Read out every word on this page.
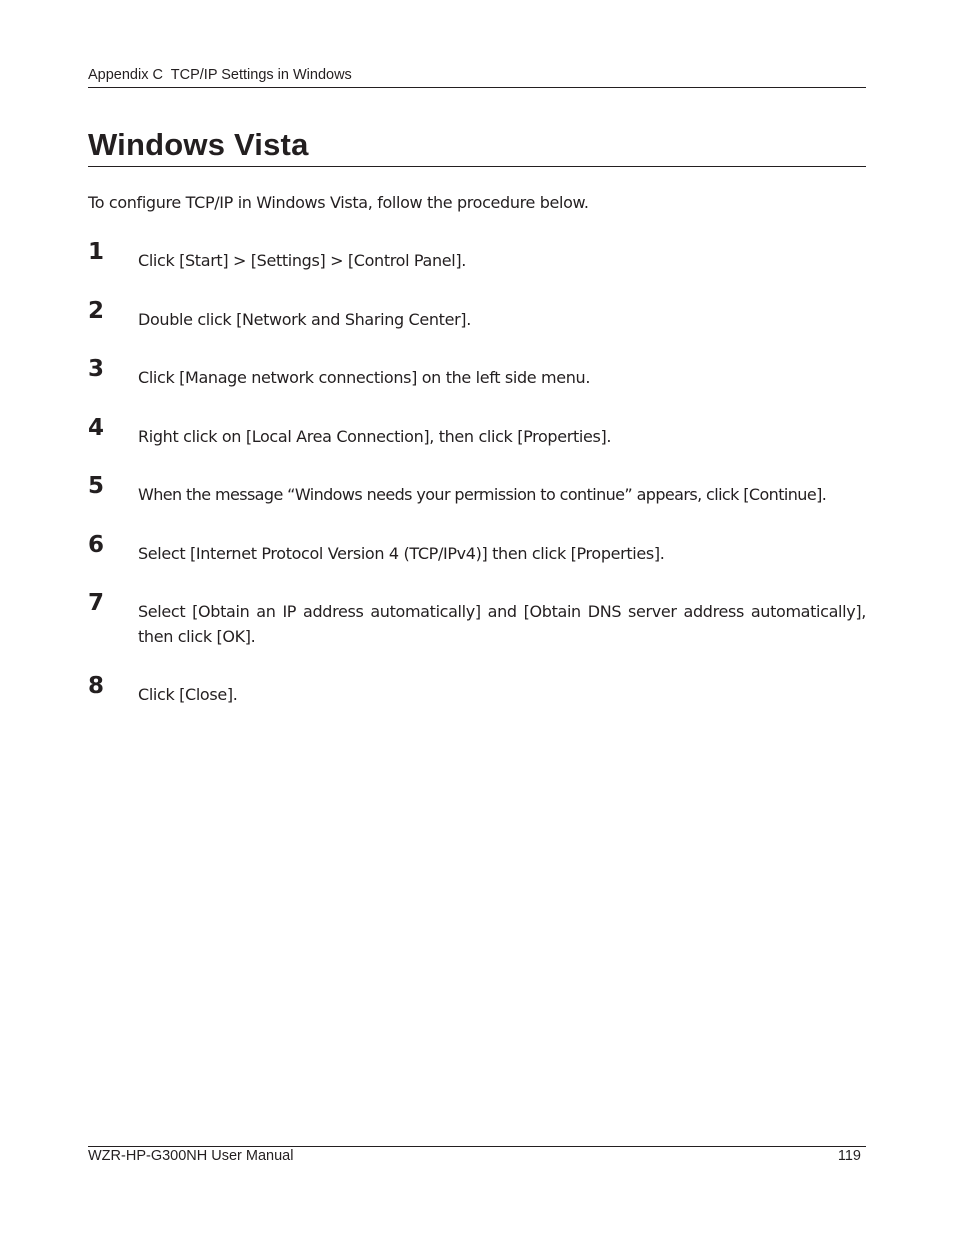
Appendix C  TCP/IP Settings in Windows
Windows Vista
To configure TCP/IP in Windows Vista, follow the procedure below.
1 Click [Start] > [Settings] > [Control Panel].
2 Double click [Network and Sharing Center].
3 Click [Manage network connections] on the left side menu.
4 Right click on [Local Area Connection], then click [Properties].
5 When the message “Windows needs your permission to continue” appears, click [Continue].
6 Select [Internet Protocol Version 4 (TCP/IPv4)] then click [Properties].
7 Select [Obtain an IP address automatically] and [Obtain DNS server address automatically], then click [OK].
8 Click [Close].
WZR-HP-G300NH User Manual	119
